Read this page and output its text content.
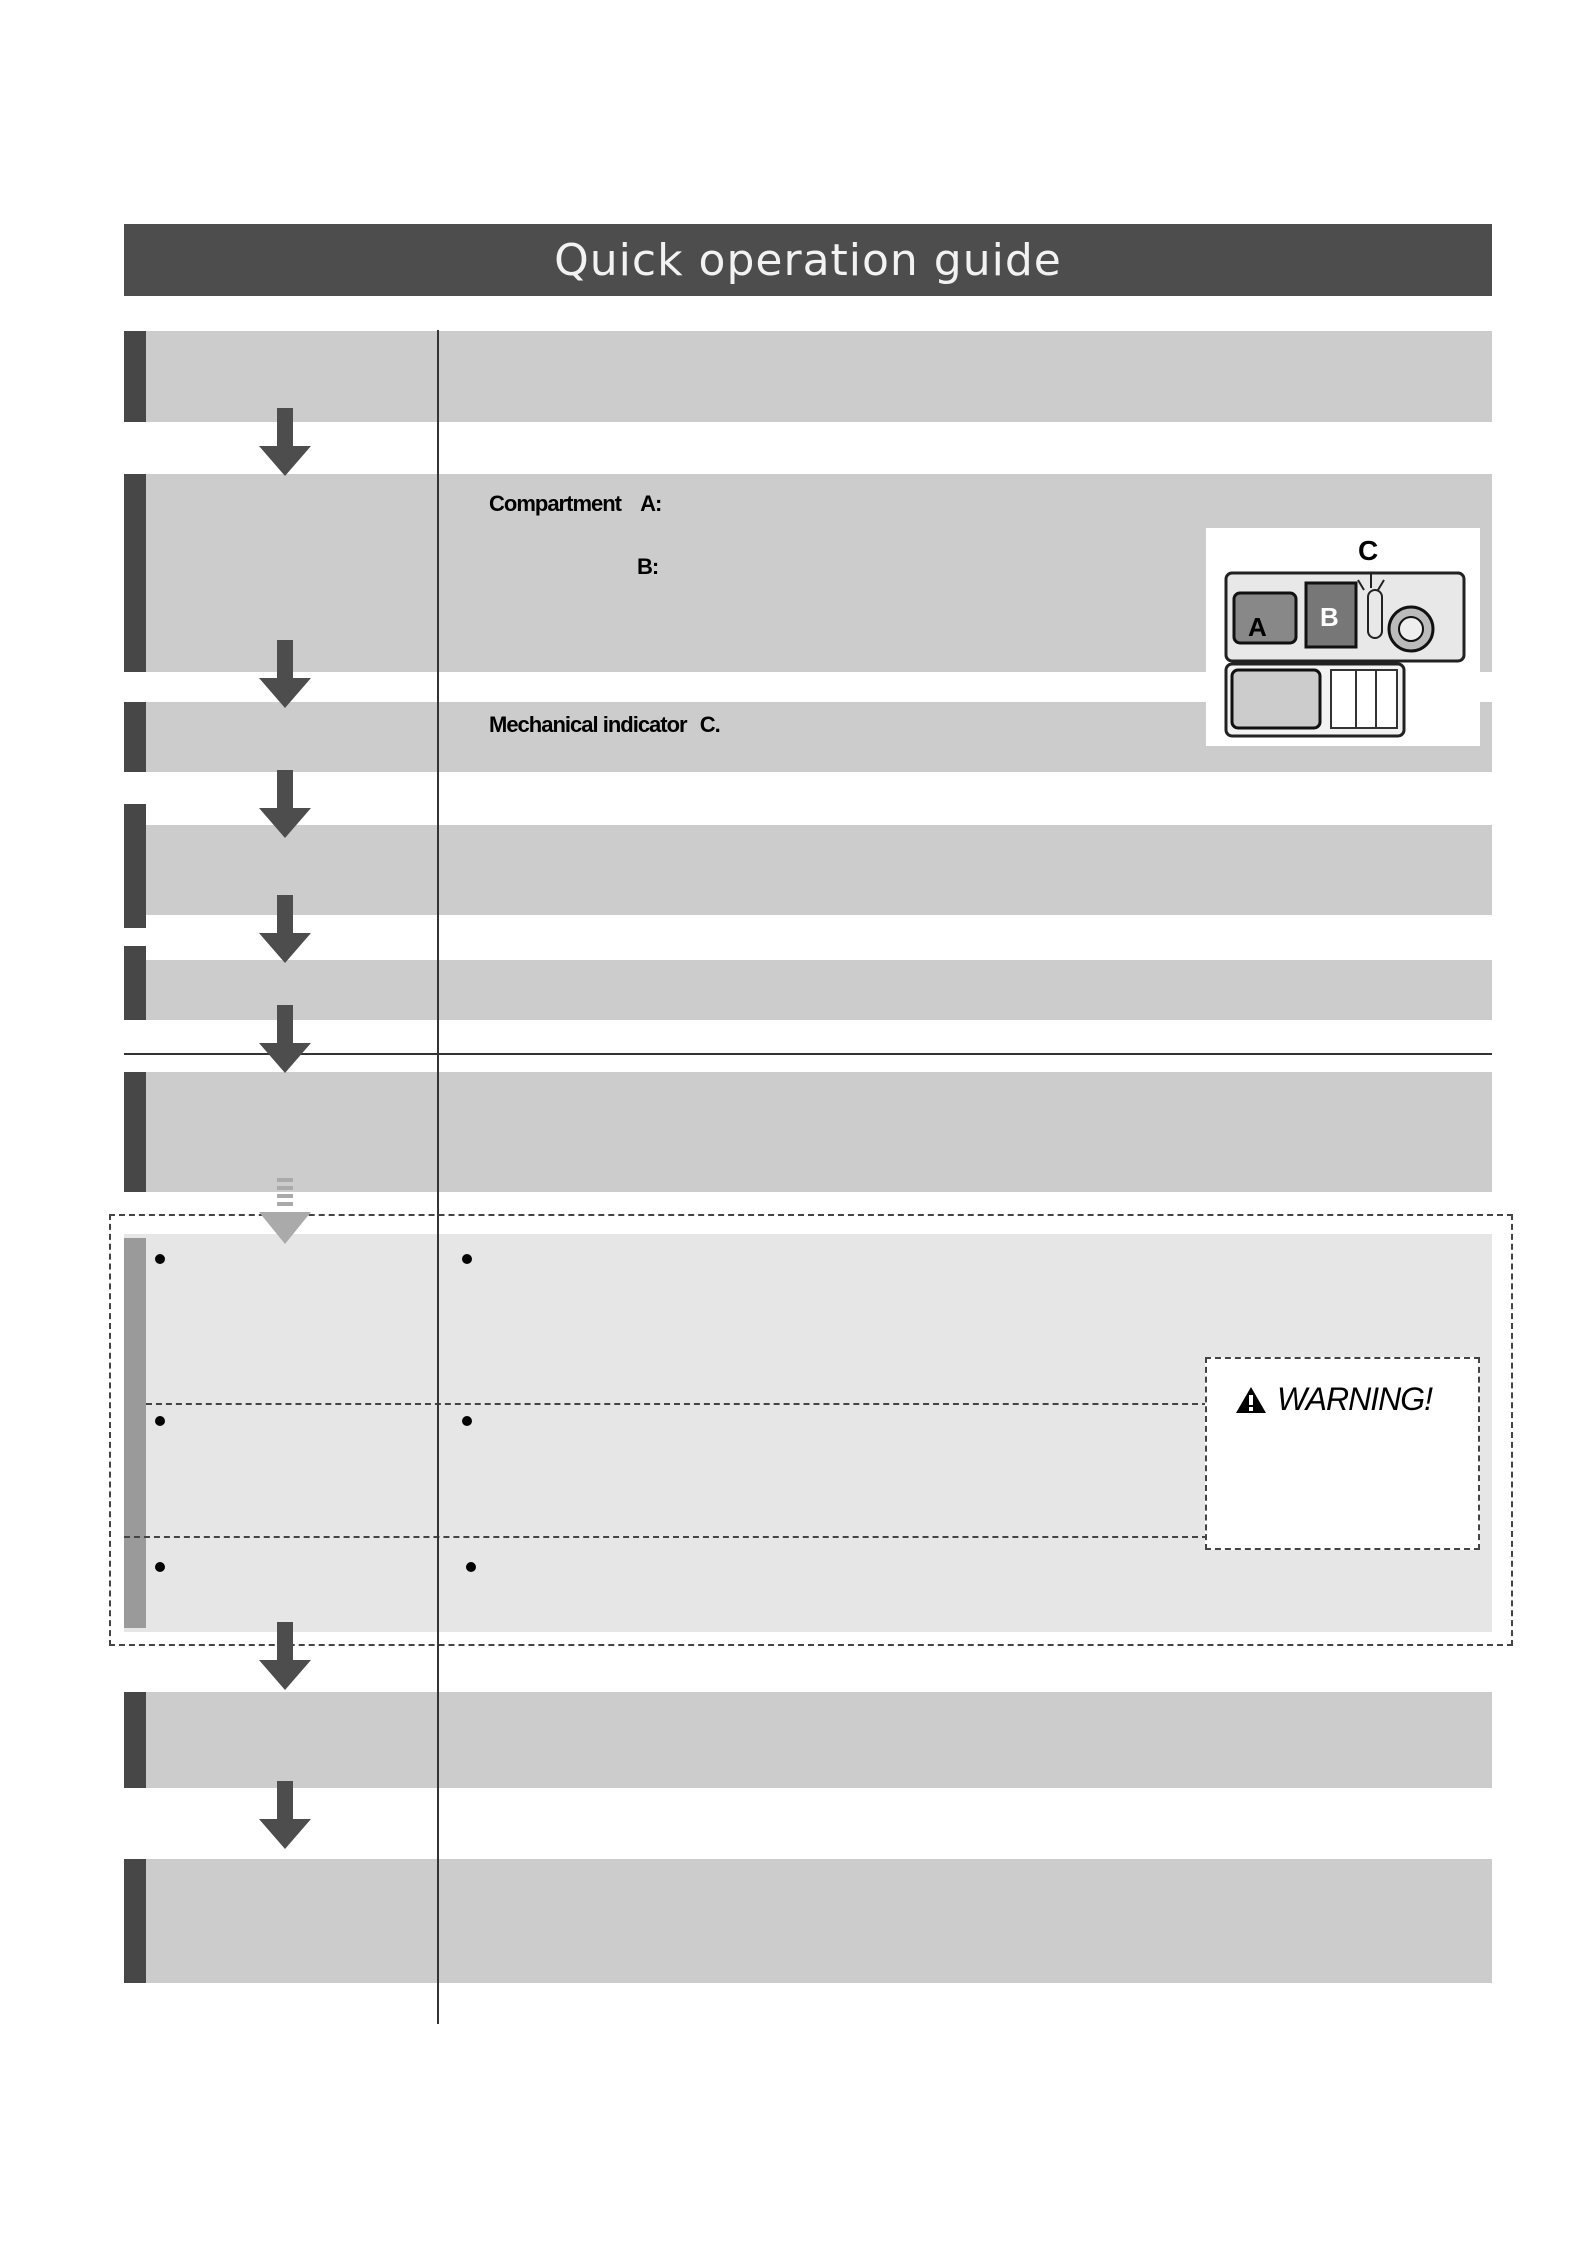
Quick operation guide
Compartment A:
B:
Mechanical indicator C.
WARNING!
A B
C
